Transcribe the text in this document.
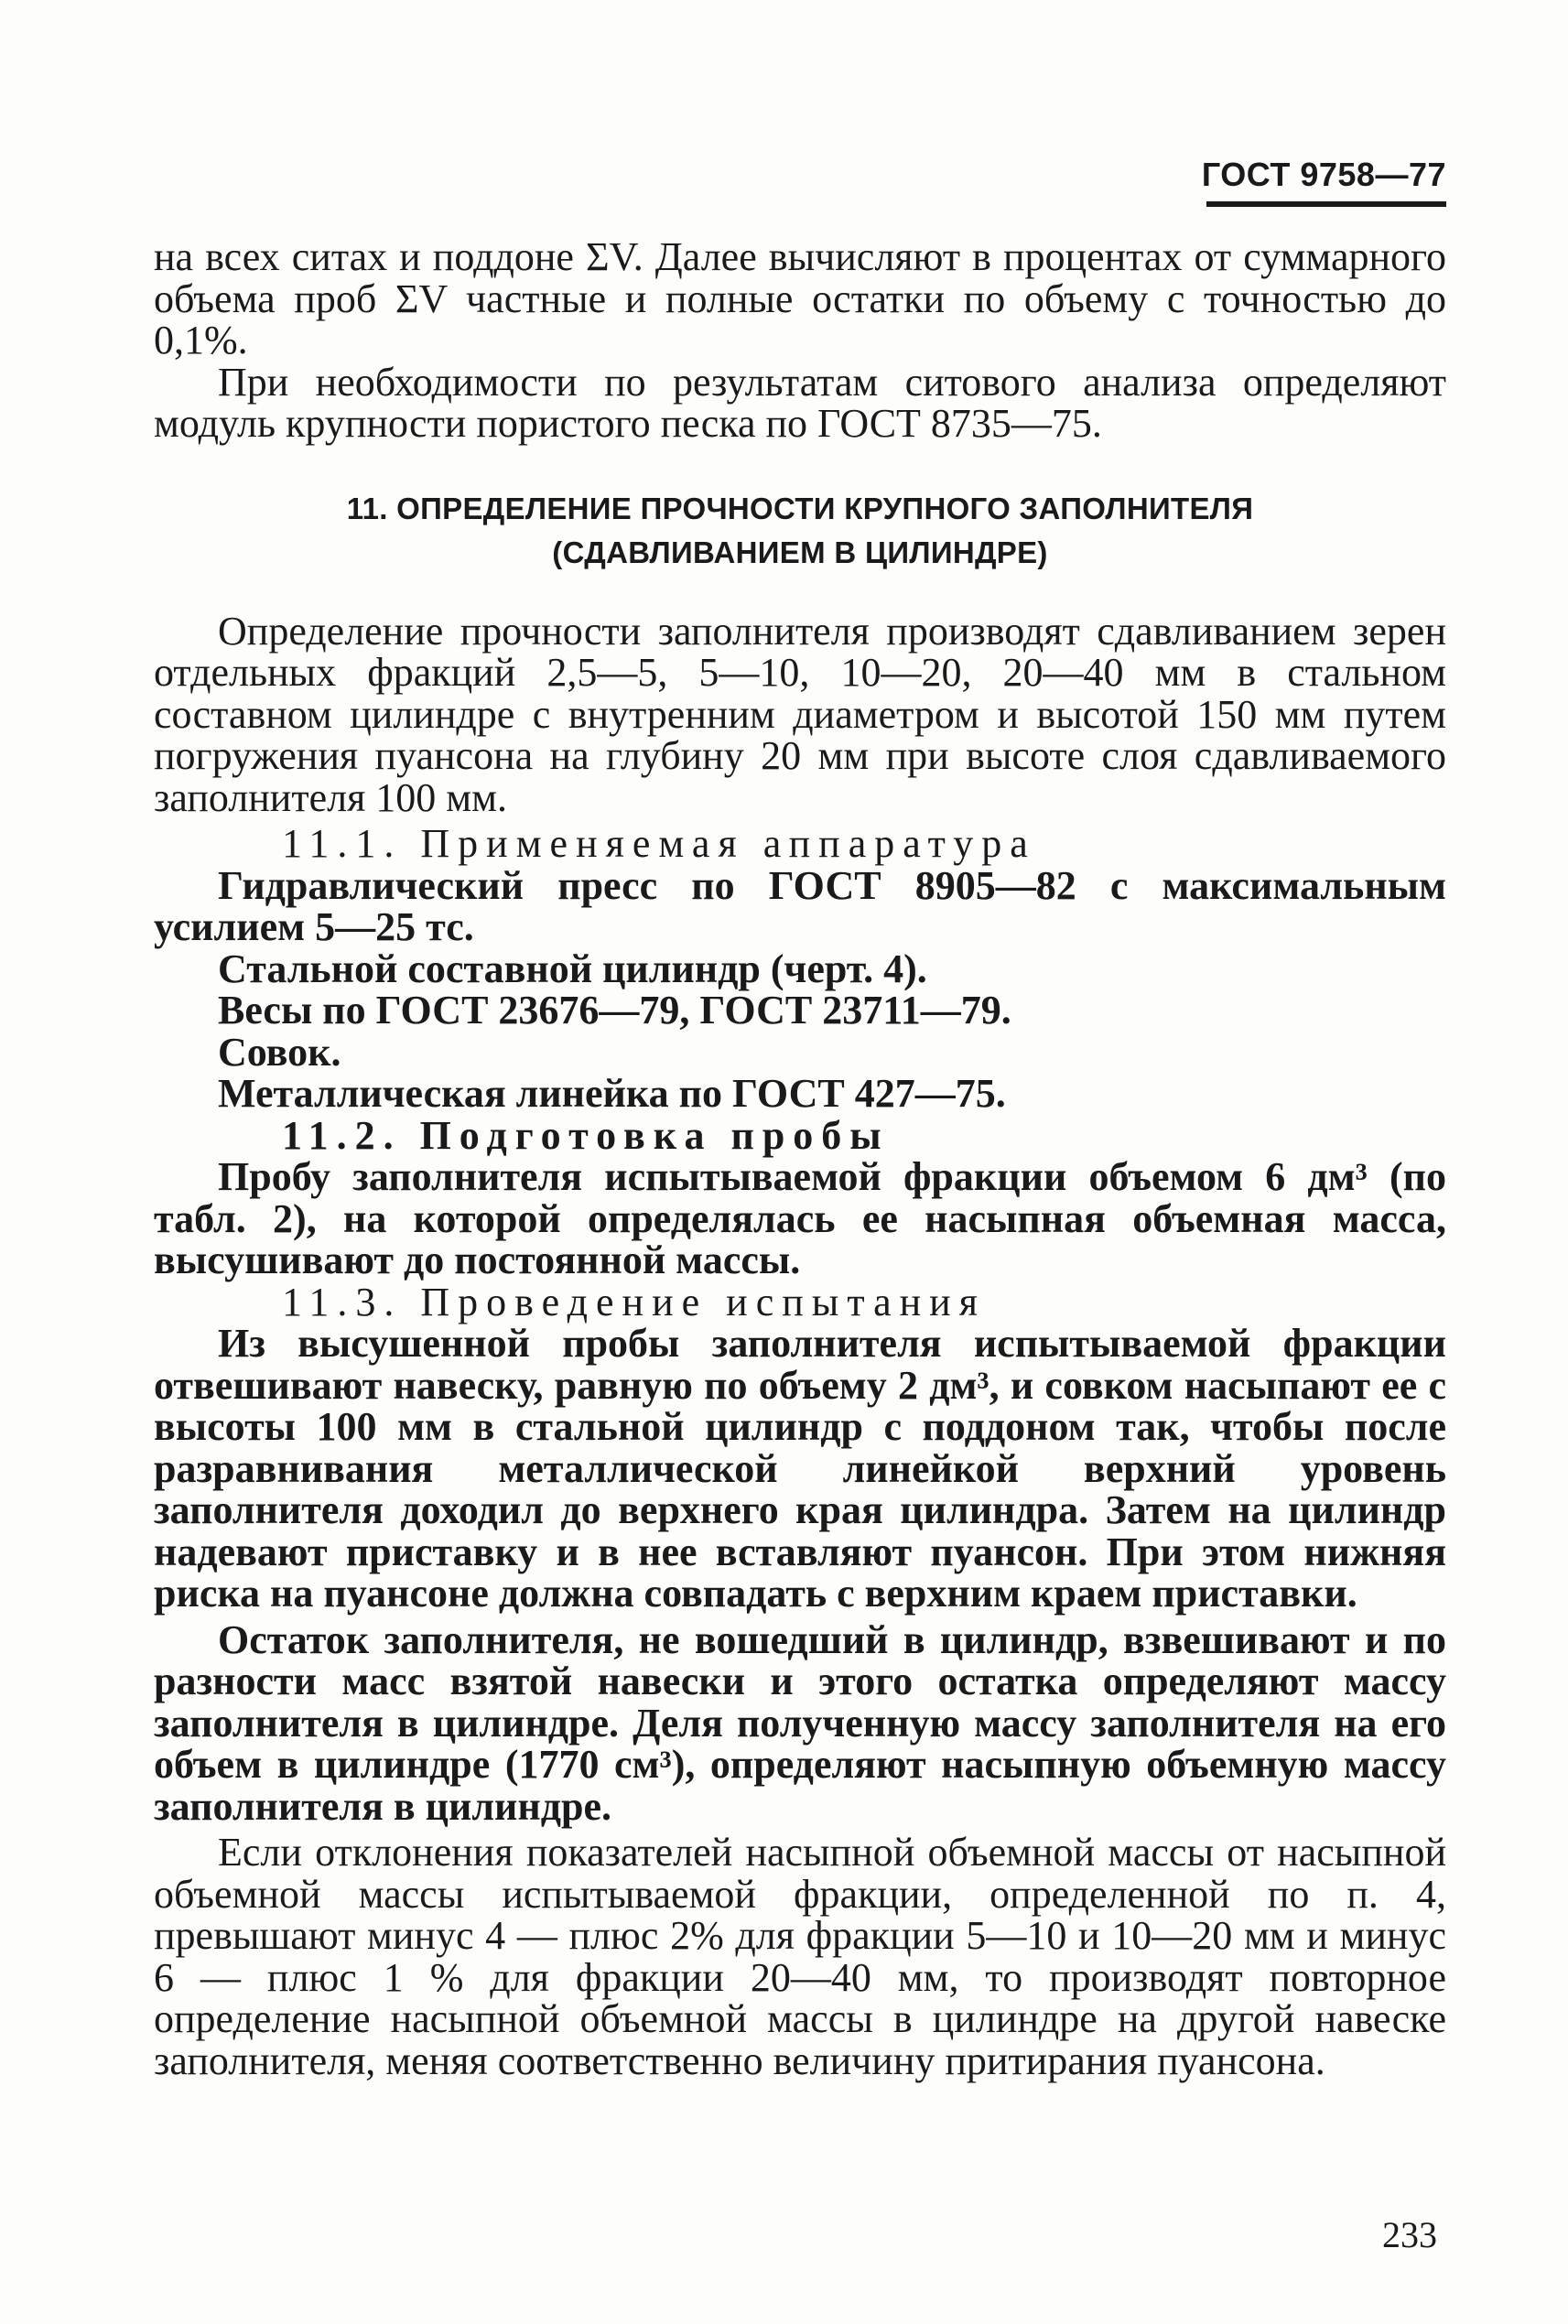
ГОСТ 9758—77

на всех ситах и поддоне ΣV. Далее вычисляют в процентах от суммарного объема проб ΣV частные и полные остатки по объему с точностью до 0,1%.

При необходимости по результатам ситового анализа определяют модуль крупности пористого песка по ГОСТ 8735—75.

11. ОПРЕДЕЛЕНИЕ ПРОЧНОСТИ КРУПНОГО ЗАПОЛНИТЕЛЯ
(СДАВЛИВАНИЕМ В ЦИЛИНДРЕ)

Определение прочности заполнителя производят сдавливанием зерен отдельных фракций 2,5—5, 5—10, 10—20, 20—40 мм в стальном составном цилиндре с внутренним диаметром и высотой 150 мм путем погружения пуансона на глубину 20 мм при высоте слоя сдавливаемого заполнителя 100 мм.

11.1. Применяемая аппаратура

Гидравлический пресс по ГОСТ 8905—82 с максимальным усилием 5—25 тс.

Стальной составной цилиндр (черт. 4).
Весы по ГОСТ 23676—79, ГОСТ 23711—79.
Совок.
Металлическая линейка по ГОСТ 427—75.

11.2. Подготовка пробы

Пробу заполнителя испытываемой фракции объемом 6 дм³ (по табл. 2), на которой определялась ее насыпная объемная масса, высушивают до постоянной массы.

11.3. Проведение испытания

Из высушенной пробы заполнителя испытываемой фракции отвешивают навеску, равную по объему 2 дм³, и совком насыпают ее с высоты 100 мм в стальной цилиндр с поддоном так, чтобы после разравнивания металлической линейкой верхний уровень заполнителя доходил до верхнего края цилиндра. Затем на цилиндр надевают приставку и в нее вставляют пуансон. При этом нижняя риска на пуансоне должна совпадать с верхним краем приставки.

Остаток заполнителя, не вошедший в цилиндр, взвешивают и по разности масс взятой навески и этого остатка определяют массу заполнителя в цилиндре. Деля полученную массу заполнителя на его объем в цилиндре (1770 см³), определяют насыпную объемную массу заполнителя в цилиндре.

Если отклонения показателей насыпной объемной массы от насыпной объемной массы испытываемой фракции, определенной по п. 4, превышают минус 4 — плюс 2% для фракции 5—10 и 10—20 мм и минус 6 — плюс 1 % для фракции 20—40 мм, то производят повторное определение насыпной объемной массы в цилиндре на другой навеске заполнителя, меняя соответственно величину притирания пуансона.

233
